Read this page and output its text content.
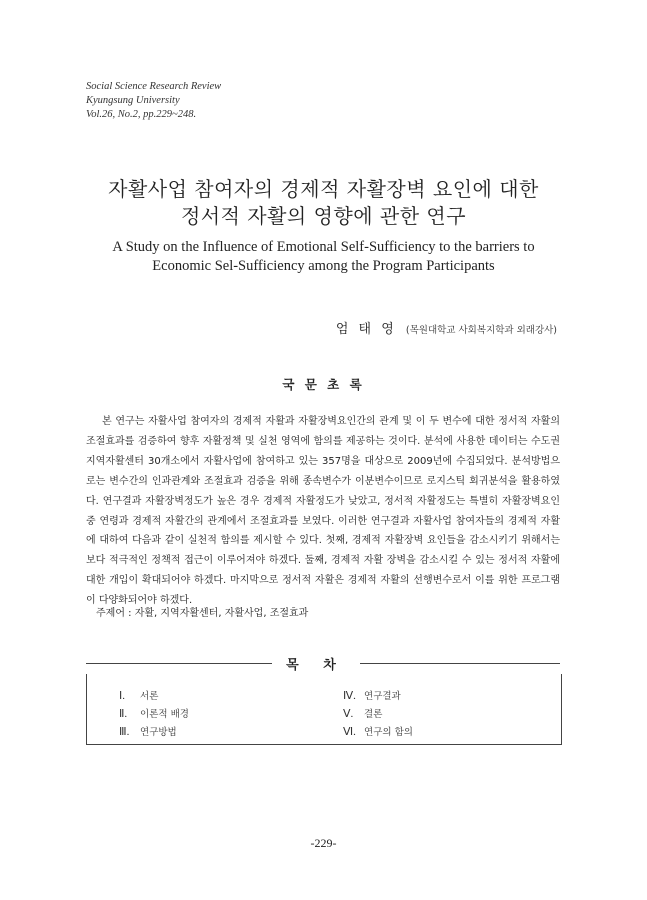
Social Science Research Review
Kyungsung University
Vol.26, No.2, pp.229~248.
자활사업 참여자의 경제적 자활장벽 요인에 대한
정서적 자활의 영향에 관한 연구
A Study on the Influence of Emotional Self-Sufficiency to the barriers to
Economic Sel-Sufficiency among the Program Participants
엄 태 영 (목원대학교 사회복지학과 외래강사)
국 문 초 록

본 연구는 자활사업 참여자의 경제적 자활과 자활장벽요인간의 관계 및 이 두 변수에 대한 정서적 자활의 조절효과를 검증하여 향후 자활정책 및 실천 영역에 함의를 제공하는 것이다. 분석에 사용한 데이터는 수도권 지역자활센터 30개소에서 자활사업에 참여하고 있는 357명을 대상으로 2009년에 수집되었다. 분석방법으로는 변수간의 인과관계와 조절효과 검증을 위해 종속변수가 이분변수이므로 로지스틱 회귀분석을 활용하였다. 연구결과 자활장벽정도가 높은 경우 경제적 자활정도가 낮았고, 정서적 자활정도는 특별히 자활장벽요인 중 연령과 경제적 자활간의 관계에서 조절효과를 보였다. 이러한 연구결과 자활사업 참여자들의 경제적 자활에 대하여 다음과 같이 실천적 함의를 제시할 수 있다. 첫째, 경제적 자활장벽 요인들을 감소시키기 위해서는 보다 적극적인 정책적 접근이 이루어져야 하겠다. 둘째, 경제적 자활 장벽을 감소시킬 수 있는 정서적 자활에 대한 개입이 확대되어야 하겠다. 마지막으로 정서적 자활은 경제적 자활의 선행변수로서 이를 위한 프로그램이 다양화되어야 하겠다.

주제어 : 자활, 지역자활센터, 자활사업, 조절효과
목 차
Ⅰ. 서론
Ⅱ. 이론적 배경
Ⅲ. 연구방법
Ⅳ. 연구결과
Ⅴ. 결론
Ⅵ. 연구의 함의
-229-
